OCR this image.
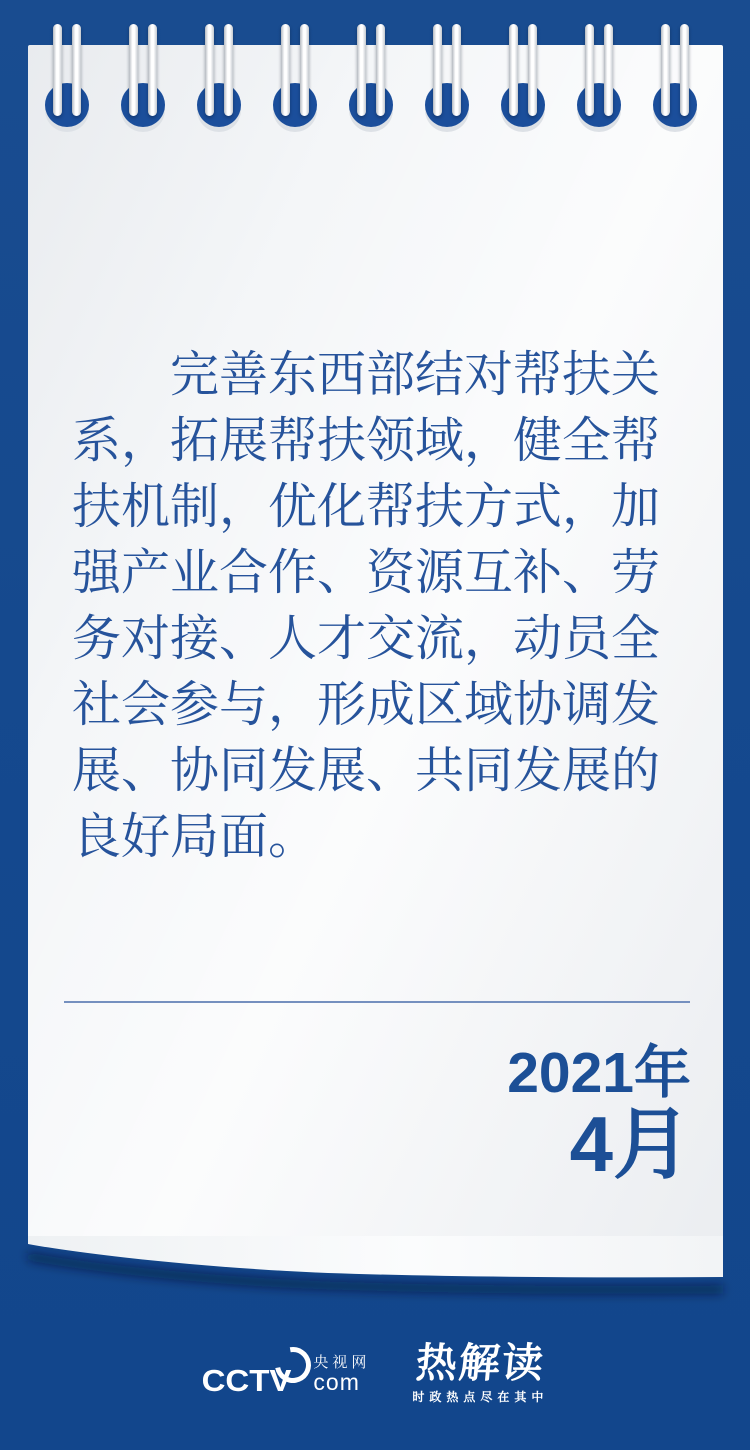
完善东西部结对帮扶关
系，拓展帮扶领域，健全帮
扶机制，优化帮扶方式，加
强产业合作、资源互补、劳
务对接、人才交流，动员全
社会参与，形成区域协调发
展、协同发展、共同发展的
良好局面。
2021年
4月
CCTV
央视网
com 热解读
时政热点尽在其中
